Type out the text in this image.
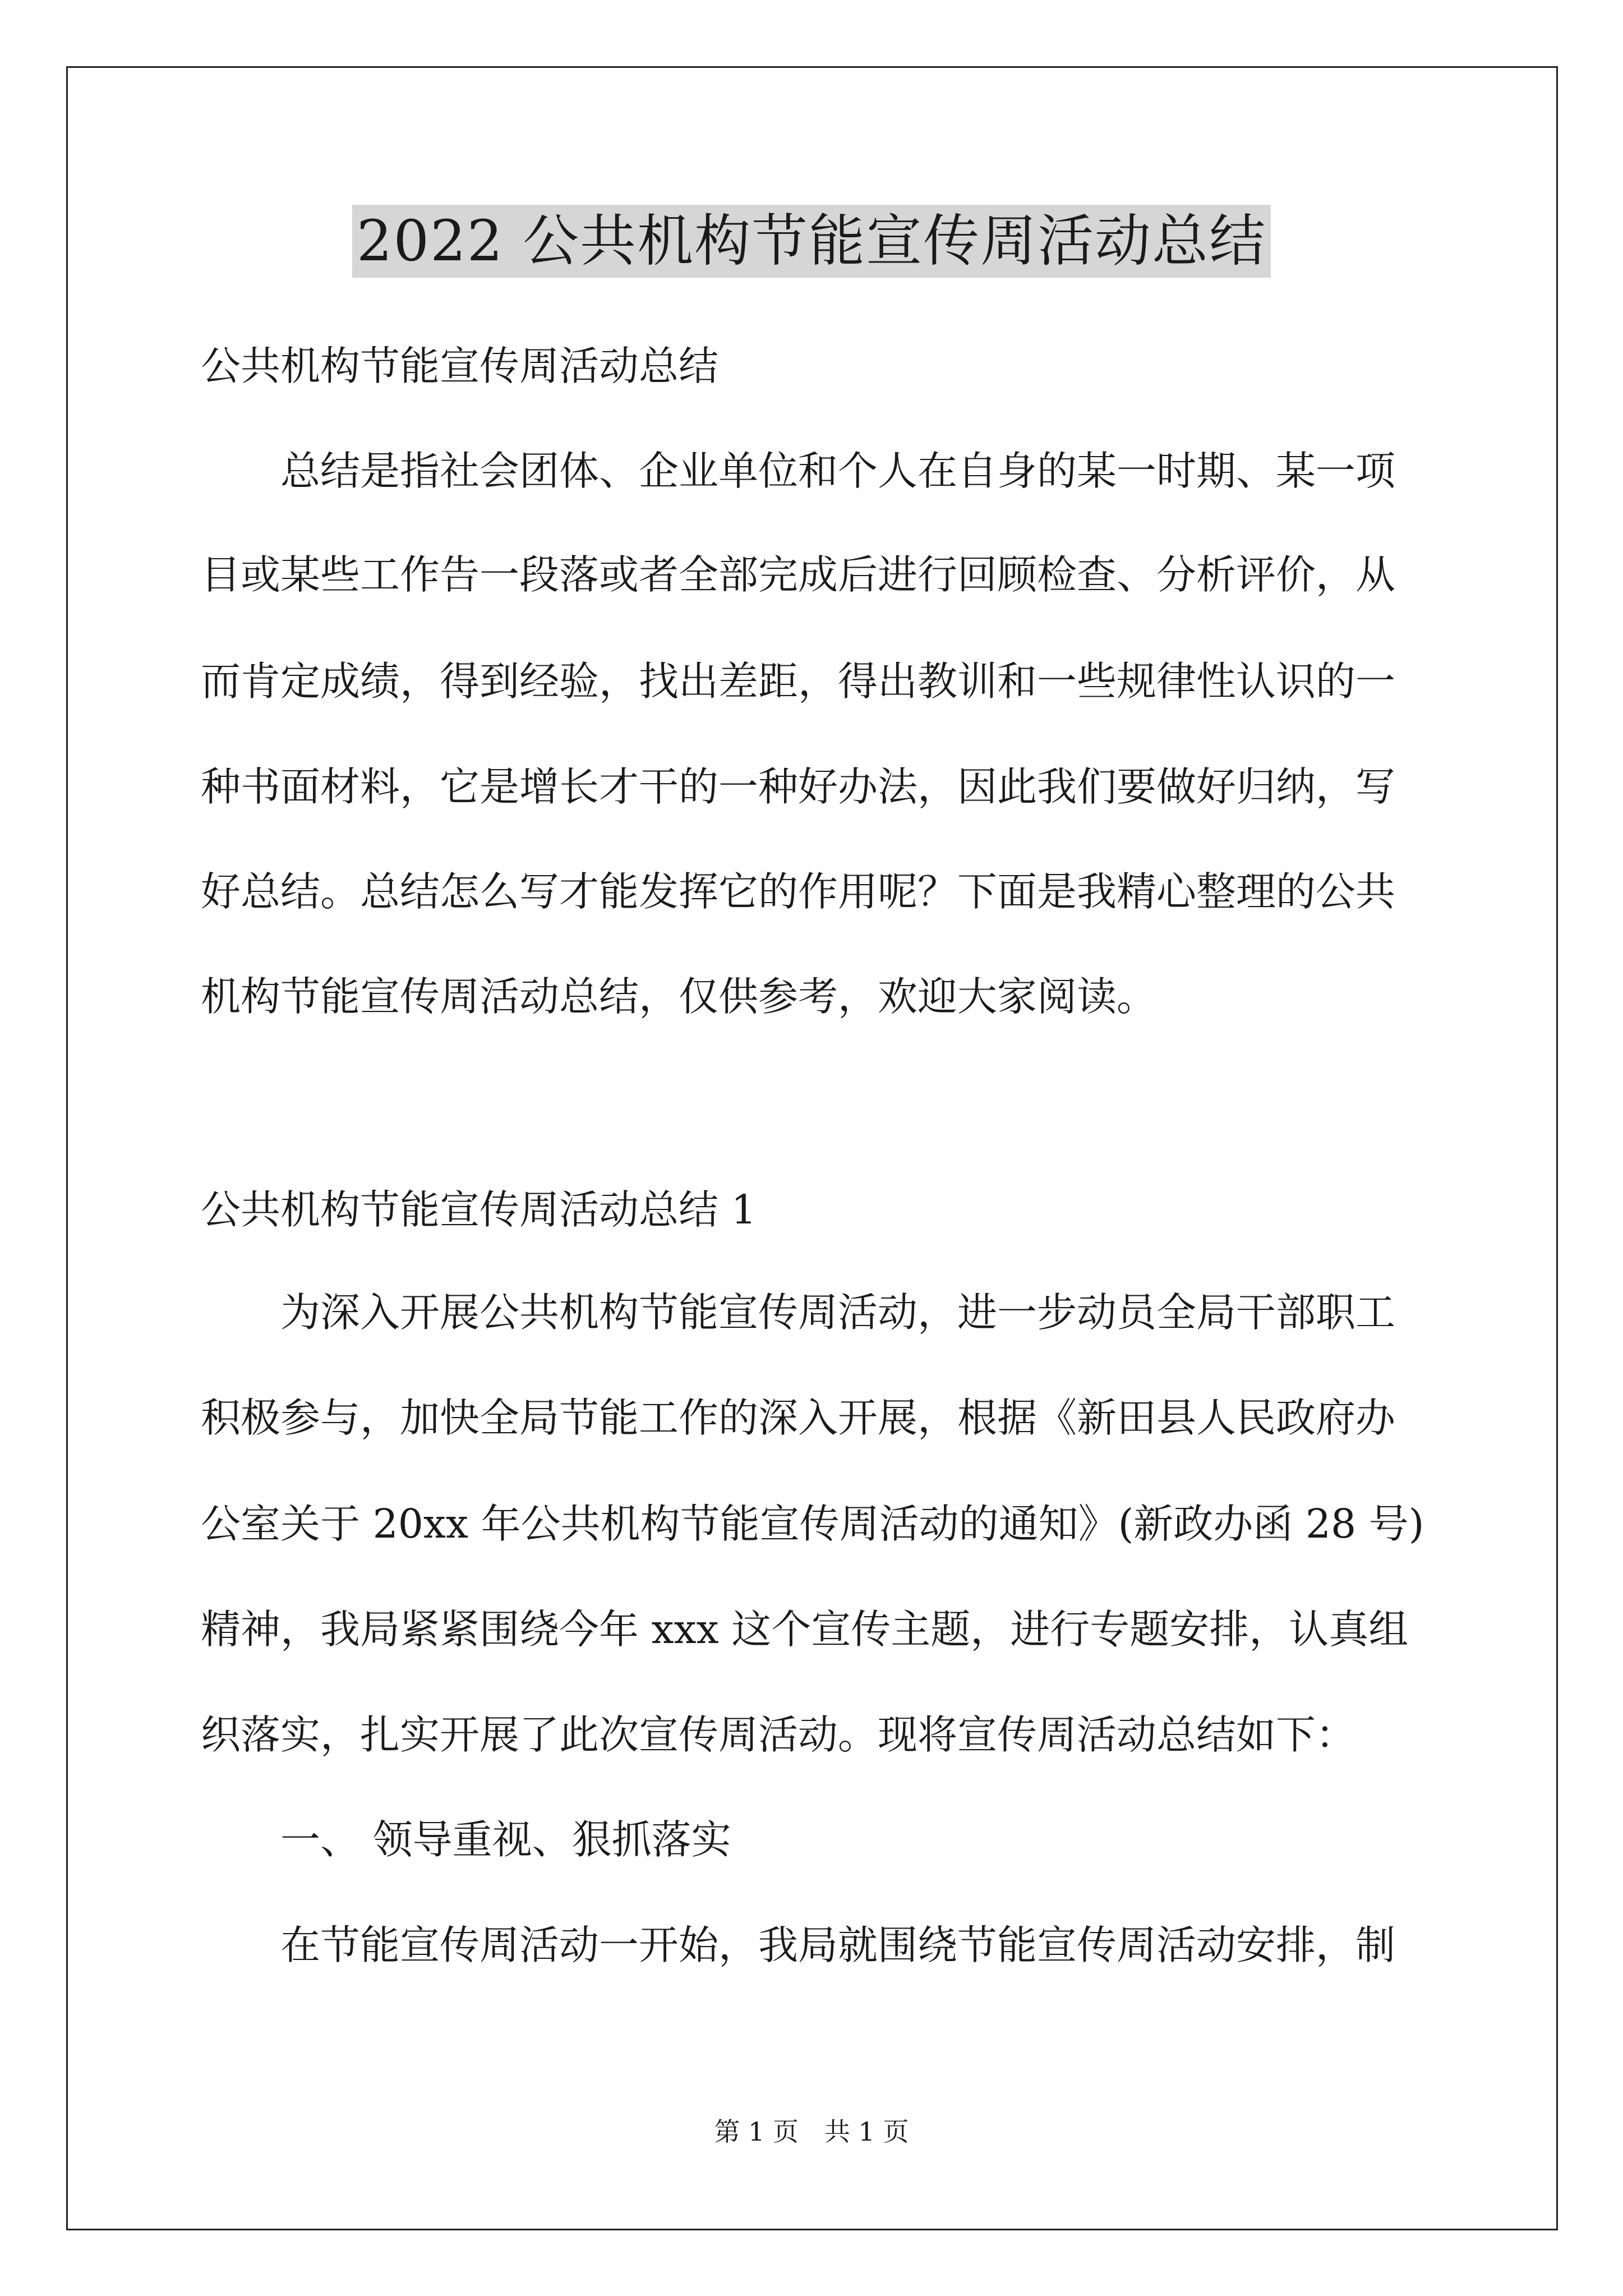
2022 公共机构节能宣传周活动总结
公共机构节能宣传周活动总结
总结是指社会团体、企业单位和个人在自身的某一时期、某一项
目或某些工作告一段落或者全部完成后进行回顾检查、分析评价，从
而肯定成绩，得到经验，找出差距，得出教训和一些规律性认识的一
种书面材料，它是增长才干的一种好办法，因此我们要做好归纳，写
好总结。总结怎么写才能发挥它的作用呢？下面是我精心整理的公共
机构节能宣传周活动总结，仅供参考，欢迎大家阅读。
公共机构节能宣传周活动总结 1
为深入开展公共机构节能宣传周活动，进一步动员全局干部职工
积极参与，加快全局节能工作的深入开展，根据《新田县人民政府办
公室关于 20xx 年公共机构节能宣传周活动的通知》(新政办函 28 号)
精神，我局紧紧围绕今年 xxx 这个宣传主题，进行专题安排，认真组
织落实，扎实开展了此次宣传周活动。现将宣传周活动总结如下：
一、 领导重视、狠抓落实
在节能宣传周活动一开始，我局就围绕节能宣传周活动安排，制
第 1 页　共 1 页
